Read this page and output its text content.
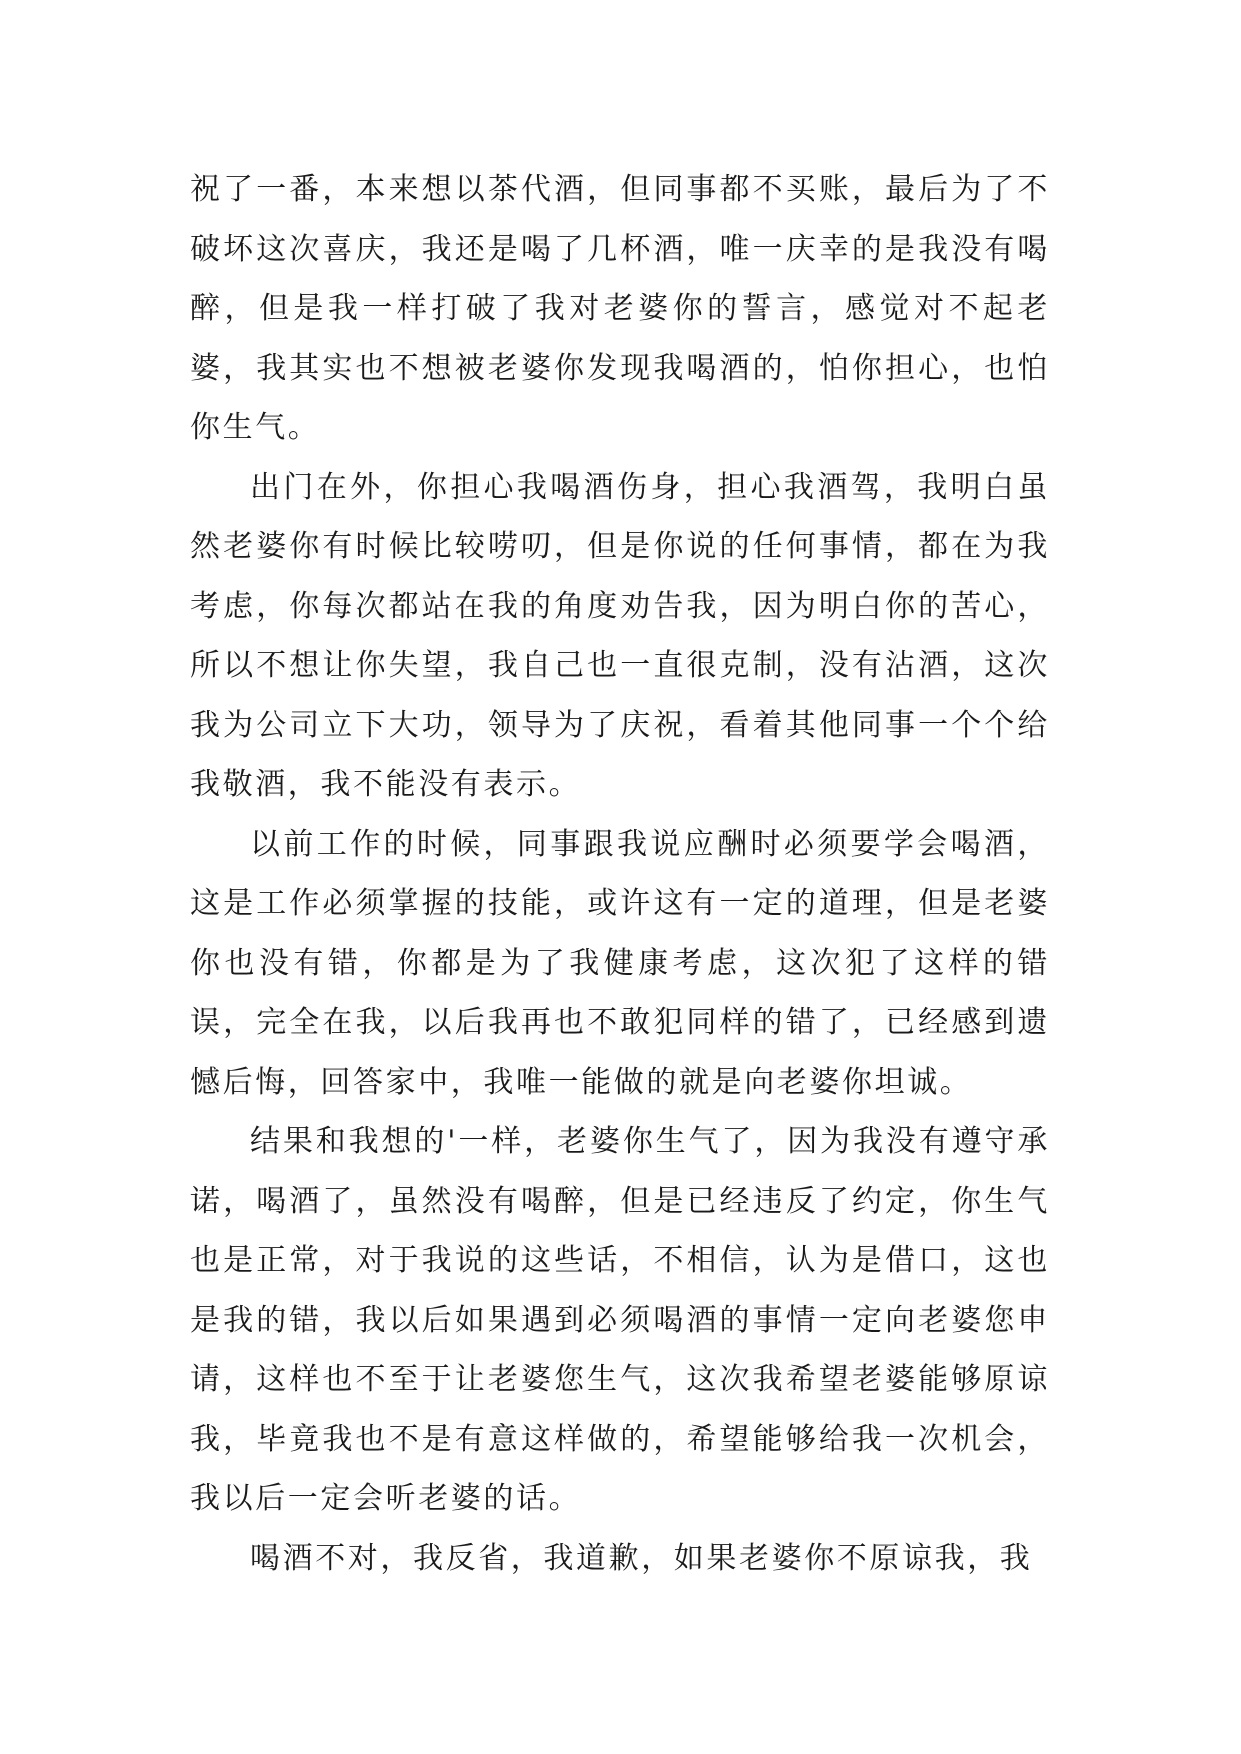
祝了一番，本来想以茶代酒，但同事都不买账，最后为了不破坏这次喜庆，我还是喝了几杯酒，唯一庆幸的是我没有喝醉，但是我一样打破了我对老婆你的誓言，感觉对不起老婆，我其实也不想被老婆你发现我喝酒的，怕你担心，也怕你生气。

出门在外，你担心我喝酒伤身，担心我酒驾，我明白虽然老婆你有时候比较唠叨，但是你说的任何事情，都在为我考虑，你每次都站在我的角度劝告我，因为明白你的苦心，所以不想让你失望，我自己也一直很克制，没有沾酒，这次我为公司立下大功，领导为了庆祝，看着其他同事一个个给我敬酒，我不能没有表示。

以前工作的时候，同事跟我说应酬时必须要学会喝酒，这是工作必须掌握的技能，或许这有一定的道理，但是老婆你也没有错，你都是为了我健康考虑，这次犯了这样的错误，完全在我，以后我再也不敢犯同样的错了，已经感到遗憾后悔，回答家中，我唯一能做的就是向老婆你坦诚。

结果和我想的'一样，老婆你生气了，因为我没有遵守承诺，喝酒了，虽然没有喝醉，但是已经违反了约定，你生气也是正常，对于我说的这些话，不相信，认为是借口，这也是我的错，我以后如果遇到必须喝酒的事情一定向老婆您申请，这样也不至于让老婆您生气，这次我希望老婆能够原谅我，毕竟我也不是有意这样做的，希望能够给我一次机会，我以后一定会听老婆的话。

喝酒不对，我反省，我道歉，如果老婆你不原谅我，我
